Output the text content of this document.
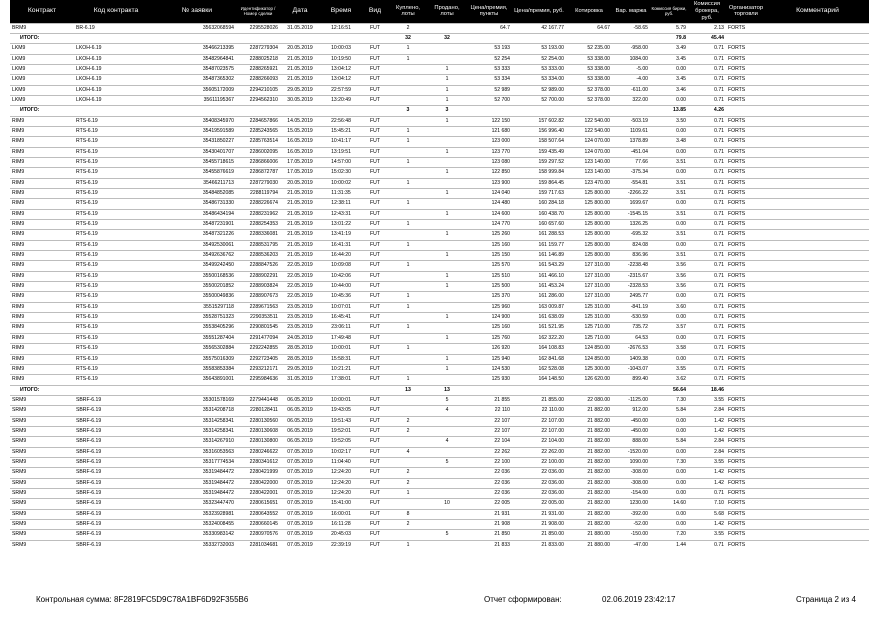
Контракт	Код контракта	№ заявки	Идентификатор /Номер сделки	Дата	Время	Вид	Куплено, лоты	Продано, лоты	Цена/премия, пункты	Цена/премия, руб.	Котировка	Вар. маржа	Комиссия биржи, руб.	Комиссия брокера, руб.	Организатор торговли	Комментарий
BRM9	BR-6.19	35632068594	2295528026	31.05.2019	12:16:51	FUT	2		64.7	42 167.77	64.67	-58.65	5.79	2.13	FORTS	
ИТОГО:							32	32					79.8	45.44		
LKM9	LKOH-6.19	35466213395	2287279304	20.05.2019	10:00:03	FUT	1		53 193	53 193.00	52 235.00	-958.00	3.49	0.71	FORTS	
LKM9	LKOH-6.19	35482964841	2288025218	21.05.2019	10:19:50	FUT	1		52 254	52 254.00	53 338.00	1084.00	3.45	0.71	FORTS	
LKM9	LKOH-6.19	35487023575	2288265921	21.05.2019	13:04:12	FUT		1	53 333	53 333.00	53 338.00	-5.00	0.00	0.71	FORTS	
LKM9	LKOH-6.19	35487365302	2288266093	21.05.2019	13:04:12	FUT		1	53 334	53 334.00	53 338.00	-4.00	3.45	0.71	FORTS	
LKM9	LKOH-6.19	35605172009	2294210105	29.05.2019	22:57:59	FUT		1	52 989	52 989.00	52 378.00	-611.00	3.46	0.71	FORTS	
LKM9	LKOH-6.19	35611195367	2294562310	30.05.2019	13:20:49	FUT		1	52 700	52 700.00	52 378.00	322.00	0.00	0.71	FORTS	
ИТОГО:							3	3					13.85	4.26		
RIM9	RTS-6.19	35408345970	2284657866	14.05.2019	22:56:48	FUT		1	122 150	157 602.82	122 540.00	-503.19	3.50	0.71	FORTS	
RIM9	RTS-6.19	35419591589	2285243565	15.05.2019	15:45:21	FUT	1		121 680	156 996.40	122 540.00	1109.61	0.00	0.71	FORTS	
RIM9	RTS-6.19	35431850227	2285763514	16.05.2019	10:41:17	FUT	1		123 000	158 507.64	124 070.00	1378.89	3.48	0.71	FORTS	
RIM9	RTS-6.19	35430401707	2286002095	16.05.2019	13:19:51	FUT		1	123 770	159 435.49	124 070.00	-451.04	0.00	0.71	FORTS	
RIM9	RTS-6.19	35455718615	2286866006	17.05.2019	14:57:00	FUT	1		123 080	159 297.52	123 140.00	77.66	3.51	0.71	FORTS	
RIM9	RTS-6.19	35455876619	2286872787	17.05.2019	15:02:30	FUT		1	122 850	158 999.84	123 140.00	-375.34	0.00	0.71	FORTS	
RIM9	RTS-6.19	35466211713	2287279030	20.05.2019	10:00:02	FUT	1		123 900	159 864.45	123 470.00	-554.81	3.51	0.71	FORTS	
RIM9	RTS-6.19	35484852085	2288119794	21.05.2019	11:31:35	FUT		1	124 040	159 717.63	125 800.00	-2266.22	3.51	0.71	FORTS	
RIM9	RTS-6.19	35486731330	2288226674	21.05.2019	12:38:11	FUT	1		124 480	160 284.18	125 800.00	1699.67	0.00	0.71	FORTS	
RIM9	RTS-6.19	35486434194	2288231962	21.05.2019	12:43:31	FUT		1	124 600	160 438.70	125 800.00	-1545.15	3.51	0.71	FORTS	
RIM9	RTS-6.19	35487231901	2288254353	21.05.2019	13:01:22	FUT	1		124 770	160 657.60	125 800.00	1326.25	0.00	0.71	FORTS	
RIM9	RTS-6.19	35487321226	2288336081	21.05.2019	13:41:19	FUT		1	125 260	161 288.53	125 800.00	-695.32	3.51	0.71	FORTS	
RIM9	RTS-6.19	35492530061	2288531795	21.05.2019	16:41:31	FUT	1		125 160	161 159.77	125 800.00	824.08	0.00	0.71	FORTS	
RIM9	RTS-6.19	35492636762	2288536203	21.05.2019	16:44:20	FUT		1	125 150	161 146.89	125 800.00	836.96	3.51	0.71	FORTS	
RIM9	RTS-6.19	35499242450	2288847526	22.05.2019	10:09:08	FUT	1		125 570	161 543.29	127 310.00	-2238.48	3.56	0.71	FORTS	
RIM9	RTS-6.19	35500168536	2288902291	22.05.2019	10:42:06	FUT		1	125 510	161 466.10	127 310.00	-2315.67	3.56	0.71	FORTS	
RIM9	RTS-6.19	35500201852	2288903824	22.05.2019	10:44:00	FUT		1	125 500	161 453.24	127 310.00	-2328.53	3.56	0.71	FORTS	
RIM9	RTS-6.19	35500049836	2288907673	22.05.2019	10:45:36	FUT	1		125 370	161 286.00	127 310.00	2495.77	0.00	0.71	FORTS	
RIM9	RTS-6.19	35515297118	2289671563	23.05.2019	10:07:01	FUT	1		125 960	163 009.87	125 310.00	-841.19	3.60	0.71	FORTS	
RIM9	RTS-6.19	35528751323	2290353511	23.05.2019	16:45:41	FUT		1	124 900	161 638.09	125 310.00	-530.59	0.00	0.71	FORTS	
RIM9	RTS-6.19	35538405296	2290801545	23.05.2019	23:06:11	FUT	1		125 160	161 521.95	125 710.00	735.72	3.57	0.71	FORTS	
RIM9	RTS-6.19	35551287404	2291477094	24.05.2019	17:49:48	FUT		1	125 760	162 322.20	125 710.00	64.53	0.00	0.71	FORTS	
RIM9	RTS-6.19	35565302884	2292242855	28.05.2019	10:00:01	FUT	1		126 920	164 108.83	124 850.00	-2676.53	3.58	0.71	FORTS	
RIM9	RTS-6.19	35575016309	2292723405	28.05.2019	15:58:31	FUT		1	125 940	162 841.68	124 850.00	1409.38	0.00	0.71	FORTS	
RIM9	RTS-6.19	35583853384	2293212171	29.05.2019	10:21:21	FUT		1	124 530	162 528.08	125 300.00	-1043.07	3.55	0.71	FORTS	
RIM9	RTS-6.19	35643891001	2295984636	31.05.2019	17:38:01	FUT	1		125 930	164 148.50	126 620.00	899.40	3.62	0.71	FORTS	
ИТОГО:							13	13					56.64	18.46		
SRM9	SBRF-6.19	35301578169	2279441448	06.05.2019	10:00:01	FUT		5	21 855	21 855.00	22 080.00	-1125.00	7.30	3.55	FORTS	
SRM9	SBRF-6.19	35314208718	2280128411	06.05.2019	19:43:05	FUT		4	22 110	22 110.00	21 882.00	912.00	5.84	2.84	FORTS	
SRM9	SBRF-6.19	35314258341	2280130560	06.05.2019	19:51:43	FUT	2		22 107	22 107.00	21 882.00	-450.00	0.00	1.42	FORTS	
SRM9	SBRF-6.19	35314258341	2280130608	06.05.2019	19:52:01	FUT	2		22 107	22 107.00	21 882.00	-450.00	0.00	1.42	FORTS	
SRM9	SBRF-6.19	35314267910	2280130800	06.05.2019	19:52:05	FUT		4	22 104	22 104.00	21 882.00	888.00	5.84	2.84	FORTS	
SRM9	SBRF-6.19	35316053563	2280246622	07.05.2019	10:02:17	FUT	4		22 262	22 262.00	21 882.00	-1520.00	0.00	2.84	FORTS	
SRM9	SBRF-6.19	35317774534	2280341612	07.05.2019	11:04:40	FUT		5	22 100	22 100.00	21 882.00	1090.00	7.30	3.55	FORTS	
SRM9	SBRF-6.19	35319484472	2280421999	07.05.2019	12:24:20	FUT	2		22 036	22 036.00	21 882.00	-308.00	0.00	1.42	FORTS	
SRM9	SBRF-6.19	35319484472	2280422000	07.05.2019	12:24:20	FUT	2		22 036	22 036.00	21 882.00	-308.00	0.00	1.42	FORTS	
SRM9	SBRF-6.19	35319484472	2280422001	07.05.2019	12:24:20	FUT	1		22 036	22 036.00	21 882.00	-154.00	0.00	0.71	FORTS	
SRM9	SBRF-6.19	35323447470	2280615651	07.05.2019	15:41:00	FUT		10	22 005	22 005.00	21 882.00	1230.00	14.60	7.10	FORTS	
SRM9	SBRF-6.19	35323928981	2280643552	07.05.2019	16:00:01	FUT	8		21 931	21 931.00	21 882.00	-392.00	0.00	5.68	FORTS	
SRM9	SBRF-6.19	35324008455	2280660145	07.05.2019	16:11:28	FUT	2		21 908	21 908.00	21 882.00	-52.00	0.00	1.42	FORTS	
SRM9	SBRF-6.19	35330983142	2280970576	07.05.2019	20:45:03	FUT		5	21 850	21 850.00	21 880.00	-150.00	7.20	3.55	FORTS	
SRM9	SBRF-6.19	35332732003	2281034681	07.05.2019	22:39:19	FUT	1		21 833	21 833.00	21 880.00	-47.00	1.44	0.71	FORTS	
Контрольная сумма: 8F2819FC5D9C78A1BF6D92F355B6	Отчет сформирован:	02.06.2019 23:42:17	Страница 2 из 4
